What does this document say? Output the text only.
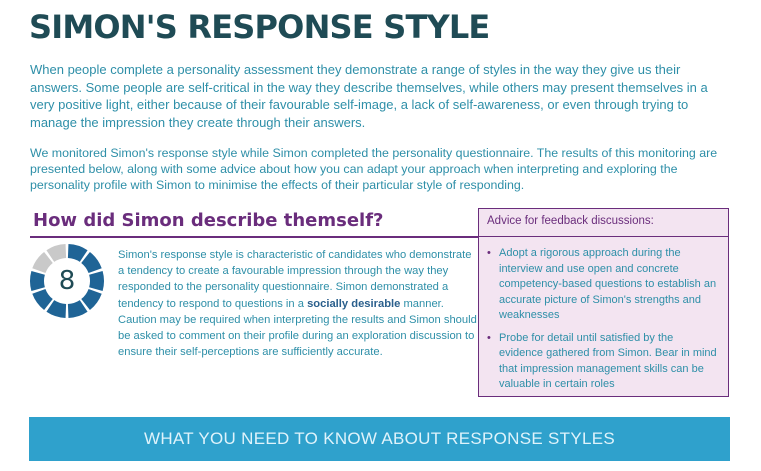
SIMON'S RESPONSE STYLE

When people complete a personality assessment they demonstrate a range of styles in the way they give us their answers. Some people are self-critical in the way they describe themselves, while others may present themselves in a very positive light, either because of their favourable self-image, a lack of self-awareness, or even through trying to manage the impression they create through their answers.

We monitored Simon's response style while Simon completed the personality questionnaire. The results of this monitoring are presented below, along with some advice about how you can adapt your approach when interpreting and exploring the personality profile with Simon to minimise the effects of their particular style of responding.

How did Simon describe themself?
8

Simon's response style is characteristic of candidates who demonstrate a tendency to create a favourable impression through the way they responded to the personality questionnaire. Simon demonstrated a tendency to respond to questions in a socially desirable manner. Caution may be required when interpreting the results and Simon should be asked to comment on their profile during an exploration discussion to ensure their self-perceptions are sufficiently accurate.

Advice for feedback discussions:
• Adopt a rigorous approach during the interview and use open and concrete competency-based questions to establish an accurate picture of Simon's strengths and weaknesses
• Probe for detail until satisfied by the evidence gathered from Simon. Bear in mind that impression management skills can be valuable in certain roles
WHAT YOU NEED TO KNOW ABOUT RESPONSE STYLES
